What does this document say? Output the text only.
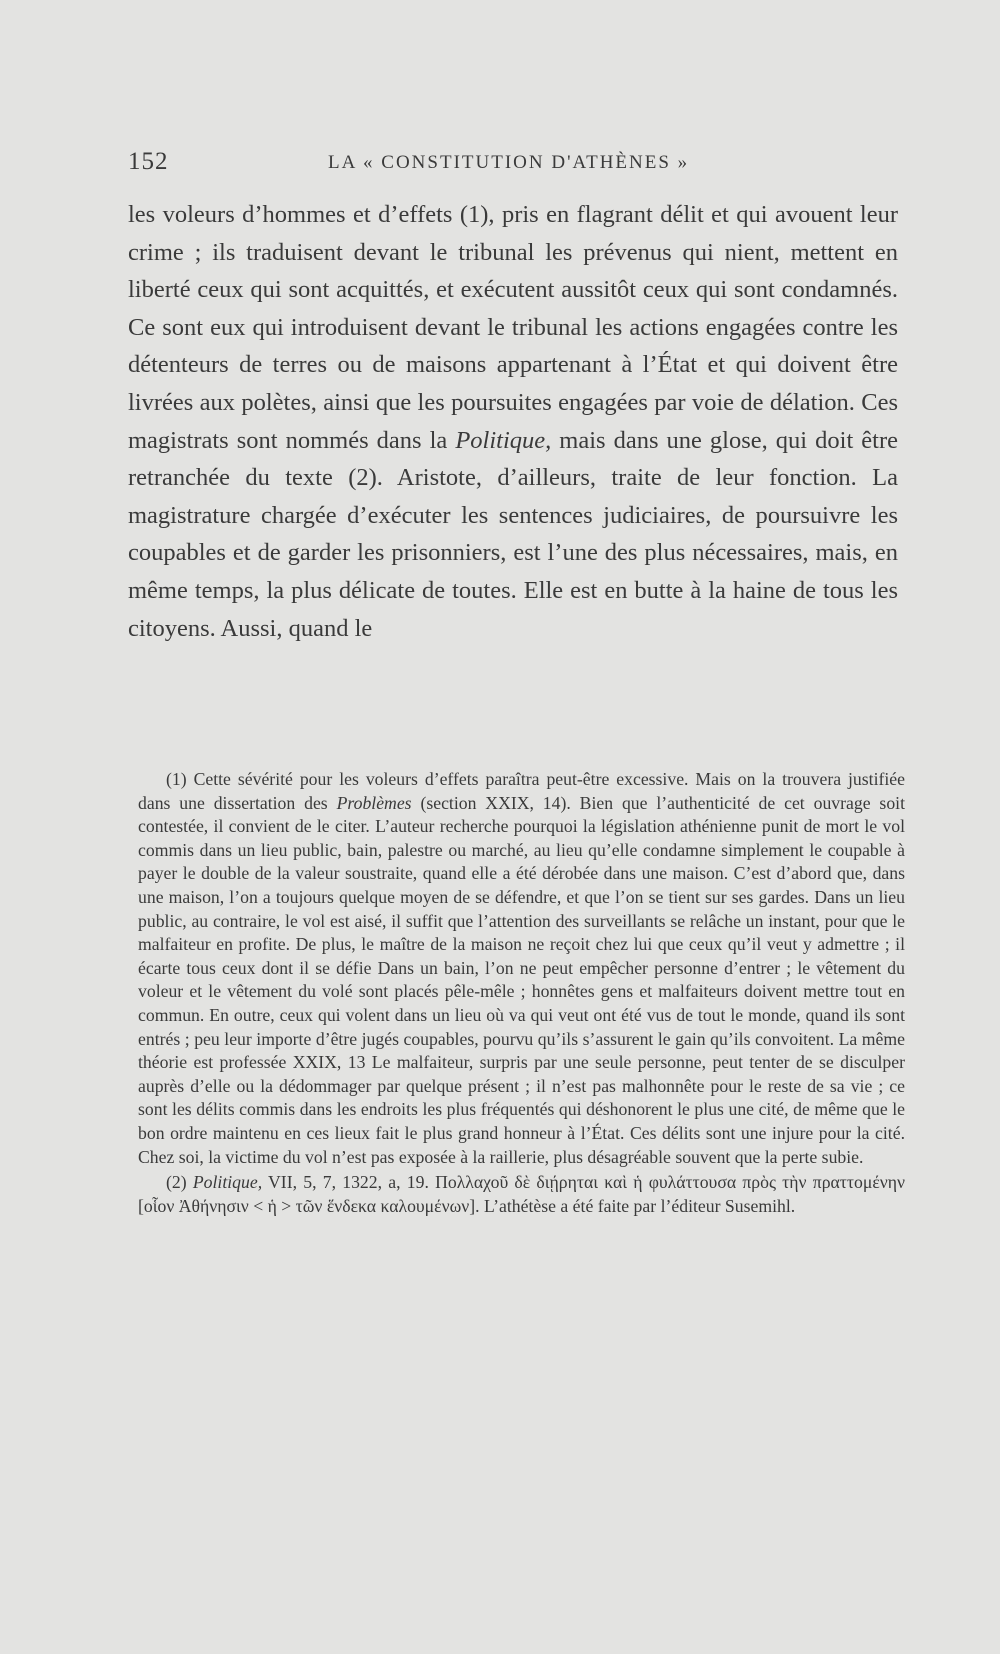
152	LA « CONSTITUTION D'ATHÈNES »

les voleurs d’hommes et d’effets (1), pris en flagrant délit et qui avouent leur crime ; ils traduisent devant le tribunal les prévenus qui nient, mettent en liberté ceux qui sont acquittés, et exécutent aussitôt ceux qui sont condamnés. Ce sont eux qui introduisent devant le tribunal les actions engagées contre les détenteurs de terres ou de maisons appartenant à l’État et qui doivent être livrées aux polètes, ainsi que les poursuites engagées par voie de délation. Ces magistrats sont nommés dans la Politique, mais dans une glose, qui doit être retranchée du texte (2). Aristote, d’ailleurs, traite de leur fonction. La magistrature chargée d’exécuter les sentences judiciaires, de poursuivre les coupables et de garder les prisonniers, est l’une des plus nécessaires, mais, en même temps, la plus délicate de toutes. Elle est en butte à la haine de tous les citoyens. Aussi, quand le

(1) Cette sévérité pour les voleurs d’effets paraîtra peut-être excessive. Mais on la trouvera justifiée dans une dissertation des Problèmes (section XXIX, 14). Bien que l’authenticité de cet ouvrage soit contestée, il convient de le citer. L’auteur recherche pourquoi la législation athénienne punit de mort le vol commis dans un lieu public, bain, palestre ou marché, au lieu qu’elle condamne simplement le coupable à payer le double de la valeur soustraite, quand elle a été dérobée dans une maison. C’est d’abord que, dans une maison, l’on a toujours quelque moyen de se défendre, et que l’on se tient sur ses gardes. Dans un lieu public, au contraire, le vol est aisé, il suffit que l’attention des surveillants se relâche un instant, pour que le malfaiteur en profite. De plus, le maître de la maison ne reçoit chez lui que ceux qu’il veut y admettre ; il écarte tous ceux dont il se défie Dans un bain, l’on ne peut empêcher personne d’entrer ; le vêtement du voleur et le vêtement du volé sont placés pêle-mêle ; honnêtes gens et malfaiteurs doivent mettre tout en commun. En outre, ceux qui volent dans un lieu où va qui veut ont été vus de tout le monde, quand ils sont entrés ; peu leur importe d’être jugés coupables, pourvu qu’ils s’assurent le gain qu’ils convoitent. La même théorie est professée XXIX, 13 Le malfaiteur, surpris par une seule personne, peut tenter de se disculper auprès d’elle ou la dédommager par quelque présent ; il n’est pas malhonnête pour le reste de sa vie ; ce sont les délits commis dans les endroits les plus fréquentés qui déshonorent le plus une cité, de même que le bon ordre maintenu en ces lieux fait le plus grand honneur à l’État. Ces délits sont une injure pour la cité. Chez soi, la victime du vol n’est pas exposée à la raillerie, plus désagréable souvent que la perte subie.

(2) Politique, VII, 5, 7, 1322, a, 19. Πολλαχοῦ δὲ διῄρηται καὶ ἡ φυλάττουσα πρὸς τὴν πραττομένην [οἷον Ἀθήνησιν < ἡ > τῶν ἕνδεκα καλουμένων]. L’athétèse a été faite par l’éditeur Susemihl.
